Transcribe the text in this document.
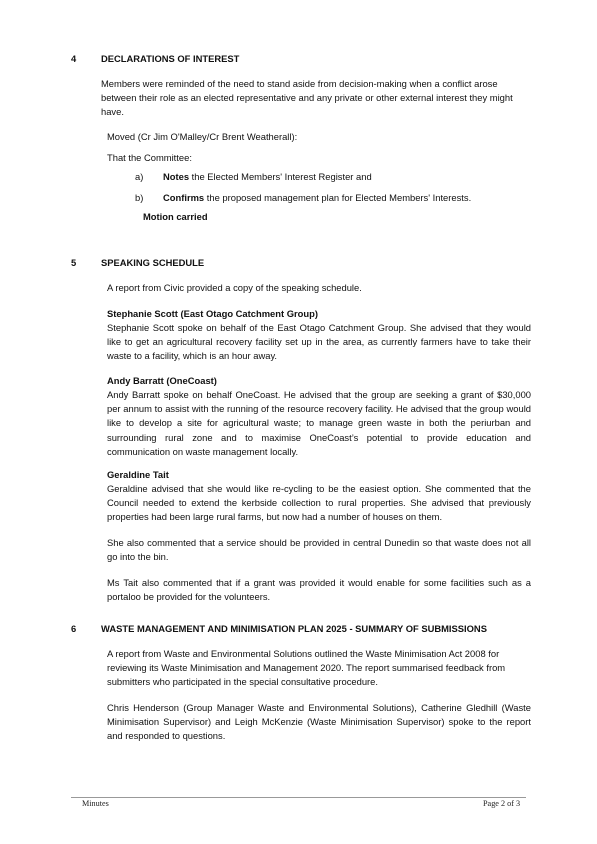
4	DECLARATIONS OF INTEREST
Members were reminded of the need to stand aside from decision-making when a conflict arose between their role as an elected representative and any private or other external interest they might have.
Moved (Cr Jim O'Malley/Cr Brent Weatherall):
That the Committee:
a) Notes the Elected Members' Interest Register and
b) Confirms the proposed management plan for Elected Members' Interests.
Motion carried
5	SPEAKING SCHEDULE
A report from Civic provided a copy of the speaking schedule.
Stephanie Scott (East Otago Catchment Group)
Stephanie Scott spoke on behalf of the East Otago Catchment Group. She advised that they would like to get an agricultural recovery facility set up in the area, as currently farmers have to take their waste to a facility, which is an hour away.
Andy Barratt (OneCoast)
Andy Barratt spoke on behalf OneCoast. He advised that the group are seeking a grant of $30,000 per annum to assist with the running of the resource recovery facility. He advised that the group would like to develop a site for agricultural waste; to manage green waste in both the periurban and surrounding rural zone and to maximise OneCoast’s potential to provide education and communication on waste management locally.
Geraldine Tait
Geraldine advised that she would like re-cycling to be the easiest option. She commented that the Council needed to extend the kerbside collection to rural properties. She advised that previously properties had been large rural farms, but now had a number of houses on them.
She also commented that a service should be provided in central Dunedin so that waste does not all go into the bin.
Ms Tait also commented that if a grant was provided it would enable for some facilities such as a portaloo be provided for the volunteers.
6	WASTE MANAGEMENT AND MINIMISATION PLAN 2025 - SUMMARY OF SUBMISSIONS
A report from Waste and Environmental Solutions outlined the Waste Minimisation Act 2008 for reviewing its Waste Minimisation and Management 2020. The report summarised feedback from submitters who participated in the special consultative procedure.
Chris Henderson (Group Manager Waste and Environmental Solutions), Catherine Gledhill (Waste Minimisation Supervisor) and Leigh McKenzie (Waste Minimisation Supervisor) spoke to the report and responded to questions.
Minutes	Page 2 of 3
